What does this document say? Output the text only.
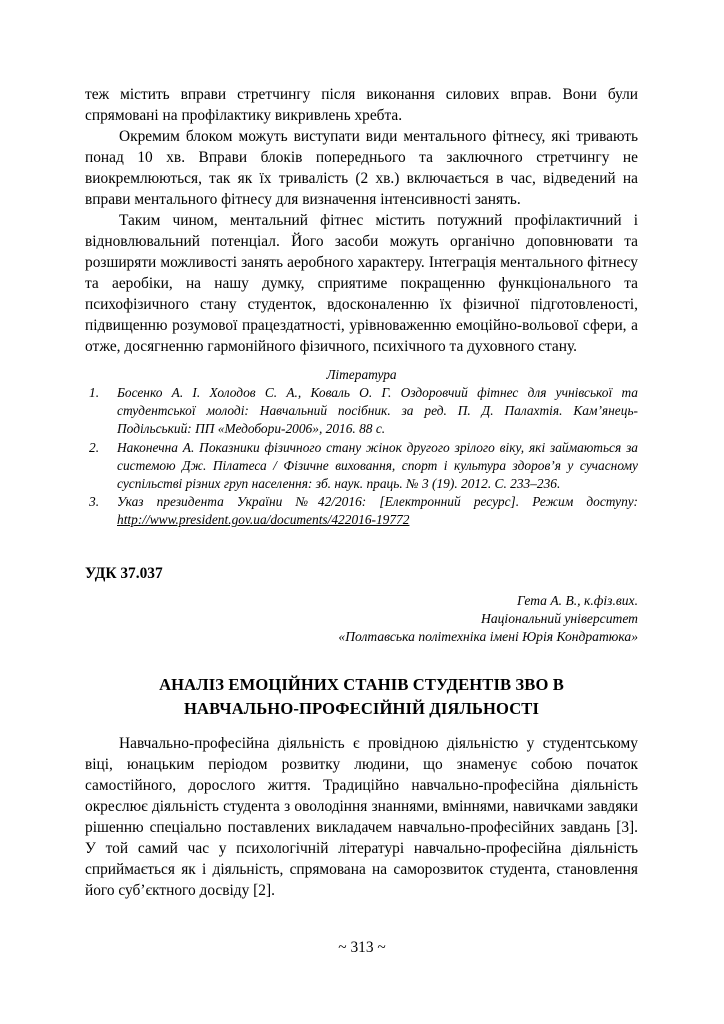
теж містить вправи стретчингу після виконання силових вправ. Вони були спрямовані на профілактику викривлень хребта.

Окремим блоком можуть виступати види ментального фітнесу, які тривають понад 10 хв. Вправи блоків попереднього та заключного стретчингу не виокремлюються, так як їх тривалість (2 хв.) включається в час, відведений на вправи ментального фітнесу для визначення інтенсивності занять.

Таким чином, ментальний фітнес містить потужний профілактичний і відновлювальний потенціал. Його засоби можуть органічно доповнювати та розширяти можливості занять аеробного характеру. Інтеграція ментального фітнесу та аеробіки, на нашу думку, сприятиме покращенню функціонального та психофізичного стану студенток, вдосконаленню їх фізичної підготовленості, підвищенню розумової працездатності, урівноваженню емоційно-вольової сфери, а отже, досягненню гармонійного фізичного, психічного та духовного стану.

Література
1. Босенко А. І. Холодов С. А., Коваль О. Г. Оздоровчий фітнес для учнівської та студентської молоді: Навчальний посібник. за ред. П. Д. Палахтія. Кам’янець-Подільський: ПП «Медобори-2006», 2016. 88 с.
2. Наконечна А. Показники фізичного стану жінок другого зрілого віку, які займаються за системою Дж. Пілатеса / Фізичне виховання, спорт і культура здоров’я у сучасному суспільстві різних груп населення: зб. наук. праць. № 3 (19). 2012. С. 233–236.
3. Указ президента України №42/2016: [Електронний ресурс]. Режим доступу: http://www.president.gov.ua/documents/422016-19772
УДК 37.037
Гета А. В., к.фіз.вих.
Національний університет
«Полтавська політехніка імені Юрія Кондратюка»
АНАЛІЗ ЕМОЦІЙНИХ СТАНІВ СТУДЕНТІВ ЗВО В
НАВЧАЛЬНО-ПРОФЕСІЙНІЙ ДІЯЛЬНОСТІ

Навчально-професійна діяльність є провідною діяльністю у студентському віці, юнацьким періодом розвитку людини, що знаменує собою початок самостійного, дорослого життя. Традиційно навчально-професійна діяльність окреслює діяльність студента з оволодіння знаннями, вміннями, навичками завдяки рішенню спеціально поставлених викладачем навчально-професійних завдань [3]. У той самий час у психологічній літературі навчально-професійна діяльність сприймається як і діяльність, спрямована на саморозвиток студента, становлення його суб’єктного досвіду [2].

~ 313 ~
